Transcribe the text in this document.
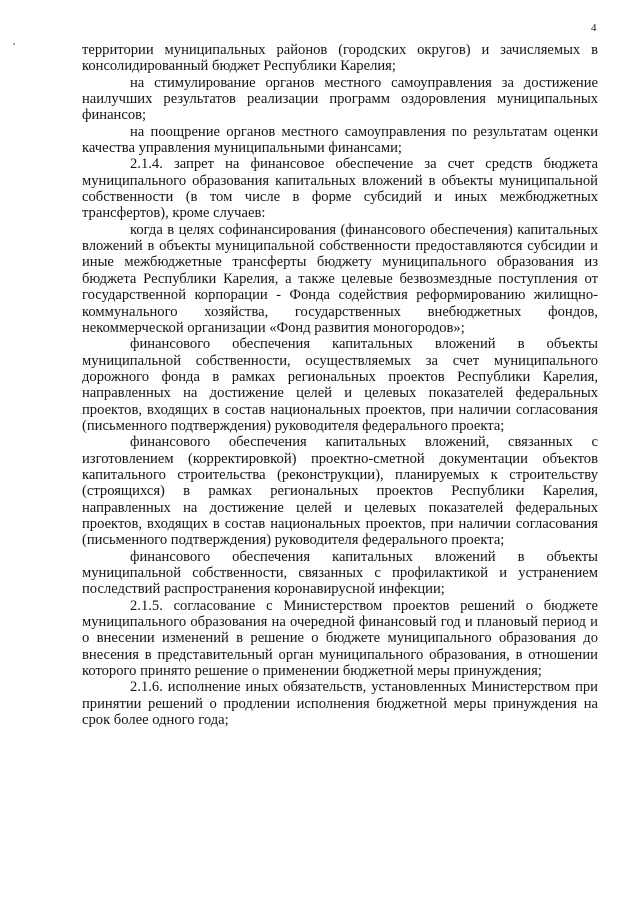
4

территории муниципальных районов (городских округов) и зачисляемых в консолидированный бюджет Республики Карелия;

на стимулирование органов местного самоуправления за достижение наилучших результатов реализации программ оздоровления муниципальных финансов;

на поощрение органов местного самоуправления по результатам оценки качества управления муниципальными финансами;

2.1.4. запрет на финансовое обеспечение за счет средств бюджета муниципального образования капитальных вложений в объекты муниципальной собственности (в том числе в форме субсидий и иных межбюджетных трансфертов), кроме случаев:

когда в целях софинансирования (финансового обеспечения) капитальных вложений в объекты муниципальной собственности предоставляются субсидии и иные межбюджетные трансферты бюджету муниципального образования из бюджета Республики Карелия, а также целевые безвозмездные поступления от государственной корпорации - Фонда содействия реформированию жилищно-коммунального хозяйства, государственных внебюджетных фондов, некоммерческой организации «Фонд развития моногородов»;

финансового обеспечения капитальных вложений в объекты муниципальной собственности, осуществляемых за счет муниципального дорожного фонда в рамках региональных проектов Республики Карелия, направленных на достижение целей и целевых показателей федеральных проектов, входящих в состав национальных проектов, при наличии согласования (письменного подтверждения) руководителя федерального проекта;

финансового обеспечения капитальных вложений, связанных с изготовлением (корректировкой) проектно-сметной документации объектов капитального строительства (реконструкции), планируемых к строительству (строящихся) в рамках региональных проектов Республики Карелия, направленных на достижение целей и целевых показателей федеральных проектов, входящих в состав национальных проектов, при наличии согласования (письменного подтверждения) руководителя федерального проекта;

финансового обеспечения капитальных вложений в объекты муниципальной собственности, связанных с профилактикой и устранением последствий распространения коронавирусной инфекции;

2.1.5. согласование с Министерством проектов решений о бюджете муниципального образования на очередной финансовый год и плановый период и о внесении изменений в решение о бюджете муниципального образования до внесения в представительный орган муниципального образования, в отношении которого принято решение о применении бюджетной меры принуждения;

2.1.6. исполнение иных обязательств, установленных Министерством при принятии решений о продлении исполнения бюджетной меры принуждения на срок более одного года;
